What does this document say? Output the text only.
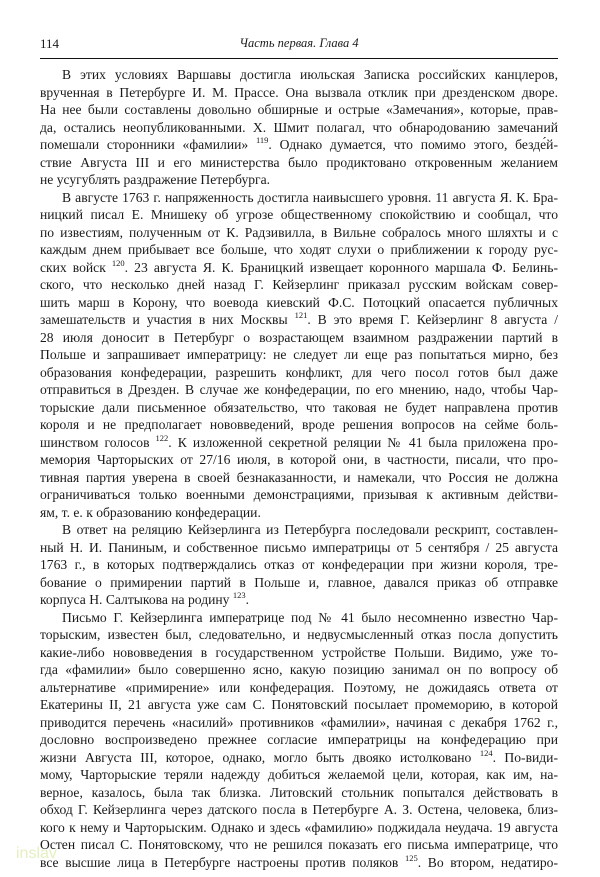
114	Часть первая. Глава 4
В этих условиях Варшавы достигла июльская Записка российских канцлеров,
врученная в Петербурге И. М. Прассе. Она вызвала отклик при дрезденском дворе.
На нее были составлены довольно обширные и острые «Замечания», которые, прав-
да, остались неопубликованными. Х. Шмит полагал, что обнародованию замечаний
помешали сторонники «фамилии» $^{119}$. Однако думается, что помимо этого, безде́й-
ствие Августа III и его министерства было продиктовано откровенным желанием
не усугублять раздражение Петербурга.
В августе 1763 г. напряженность достигла наивысшего уровня. 11 августа Я. К. Бра-
ницкий писал Е. Мнишеку об угрозе общественному спокойствию и сообщал, что
по известиям, полученным от К. Радзивилла, в Вильне собралось много шляхты и с
каждым днем прибывает все больше, что ходят слухи о приближении к городу рус-
ских войск $^{120}$. 23 августа Я. К. Браницкий извещает коронного маршала Ф. Белинь-
ского, что несколько дней назад Г. Кейзерлинг приказал русским войскам совер-
шить марш в Корону, что воевода киевский Ф.С. Потоцкий опасается публичных
замешательств и участия в них Москвы $^{121}$. В это время Г. Кейзерлинг 8 августа /
28 июля доносит в Петербург о возрастающем взаимном раздражении партий в
Польше и запрашивает императрицу: не следует ли еще раз попытаться мирно, без
образования конфедерации, разрешить конфликт, для чего посол готов был даже
отправиться в Дрезден. В случае же конфедерации, по его мнению, надо, чтобы Чар-
торыские дали письменное обязательство, что таковая не будет направлена против
короля и не предполагает нововведений, вроде решения вопросов на сейме боль-
шинством голосов $^{122}$. К изложенной секретной реляции № 41 была приложена про-
мемория Чарторыских от 27/16 июля, в которой они, в частности, писали, что про-
тивная партия уверена в своей безнаказанности, и намекали, что Россия не должна
ограничиваться только военными демонстрациями, призывая к активным действи-
ям, т. е. к образованию конфедерации.
В ответ на реляцию Кейзерлинга из Петербурга последовали рескрипт, составлен-
ный Н. И. Паниным, и собственное письмо императрицы от 5 сентября / 25 августа
1763 г., в которых подтверждались отказ от конфедерации при жизни короля, тре-
бование о примирении партий в Польше и, главное, давался приказ об отправке
корпуса Н. Салтыкова на родину $^{123}$.
Письмо Г. Кейзерлинга императрице под № 41 было несомненно известно Чар-
торыским, известен был, следовательно, и недвусмысленный отказ посла допустить
какие-либо нововведения в государственном устройстве Польши. Видимо, уже то-
гда «фамилии» было совершенно ясно, какую позицию занимал он по вопросу об
альтернативе «примирение» или конфедерация. Поэтому, не дожидаясь ответа от
Екатерины II, 21 августа уже сам С. Понятовский посылает промеморию, в которой
приводится перечень «насилий» противников «фамилии», начиная с декабря 1762 г.,
дословно воспроизведено прежнее согласие императрицы на конфедерацию при
жизни Августа III, которое, однако, могло быть двояко истолковано $^{124}$. По-види-
мому, Чарторыские теряли надежду добиться желаемой цели, которая, как им, на-
верное, казалось, была так близка. Литовский стольник попытался действовать в
обход Г. Кейзерлинга через датского посла в Петербурге А. З. Остена, человека, близ-
кого к нему и Чарторыским. Однако и здесь «фамилию» поджидала неудача. 19 августа
Остен писал С. Понятовскому, что не решился показать его письма императрице, что
все высшие лица в Петербурге настроены против поляков $^{125}$. Во втором, недатиро-
inslav
